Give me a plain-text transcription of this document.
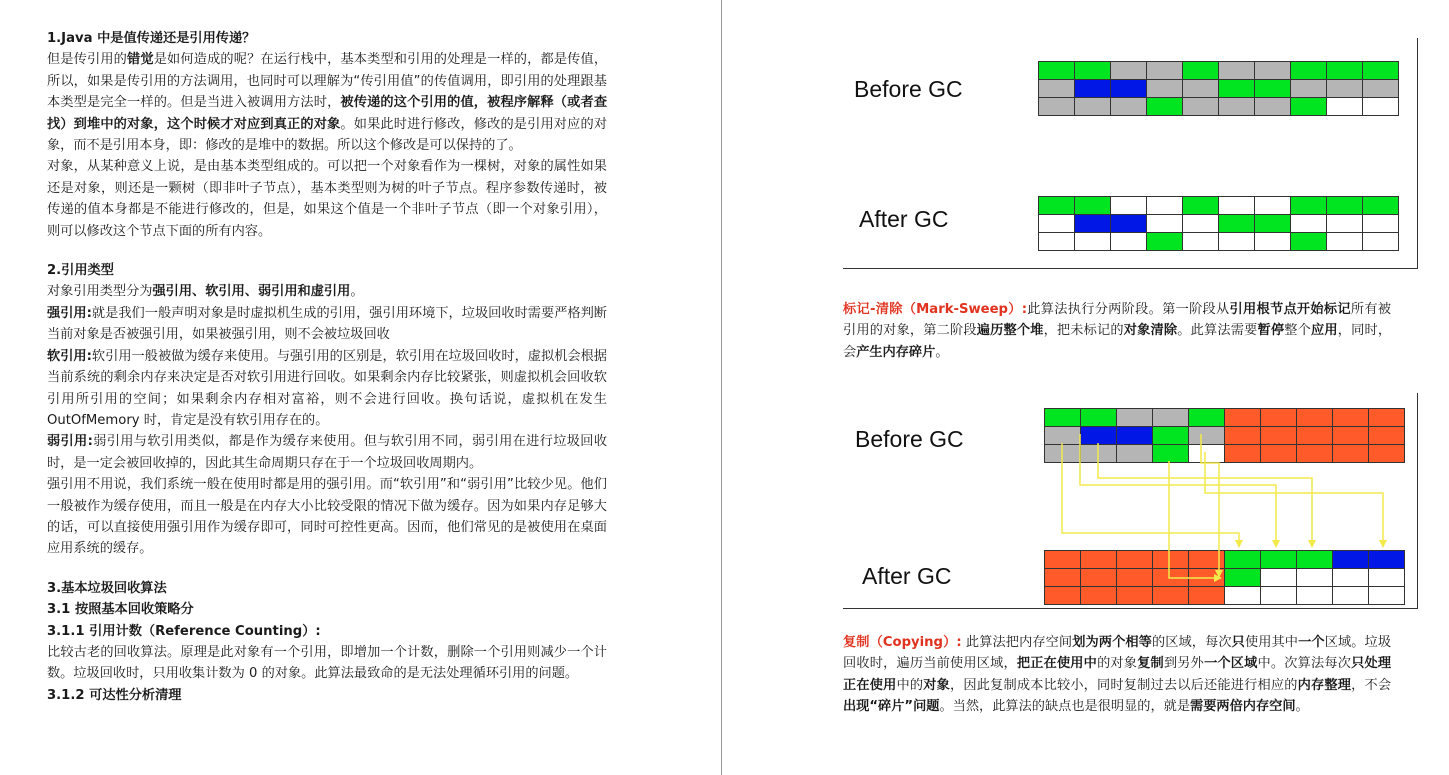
1.Java 中是值传递还是引用传递？

但是传引用的错觉是如何造成的呢？在运行栈中，基本类型和引用的处理是一样的，都是传值，所以，如果是传引用的方法调用，也同时可以理解为“传引用值”的传值调用，即引用的处理跟基本类型是完全一样的。但是当进入被调用方法时，被传递的这个引用的值，被程序解释（或者查找）到堆中的对象，这个时候才对应到真正的对象。如果此时进行修改，修改的是引用对应的对象，而不是引用本身，即：修改的是堆中的数据。所以这个修改是可以保持的了。

对象，从某种意义上说，是由基本类型组成的。可以把一个对象看作为一棵树，对象的属性如果还是对象，则还是一颗树（即非叶子节点），基本类型则为树的叶子节点。程序参数传递时，被传递的值本身都是不能进行修改的，但是，如果这个值是一个非叶子节点（即一个对象引用），则可以修改这个节点下面的所有内容。

2.引用类型

对象引用类型分为强引用、软引用、弱引用和虚引用。

强引用:就是我们一般声明对象是时虚拟机生成的引用，强引用环境下，垃圾回收时需要严格判断当前对象是否被强引用，如果被强引用，则不会被垃圾回收

软引用:软引用一般被做为缓存来使用。与强引用的区别是，软引用在垃圾回收时，虚拟机会根据当前系统的剩余内存来决定是否对软引用进行回收。如果剩余内存比较紧张，则虚拟机会回收软引用所引用的空间；如果剩余内存相对富裕，则不会进行回收。换句话说，虚拟机在发生 OutOfMemory 时，肯定是没有软引用存在的。

弱引用:弱引用与软引用类似，都是作为缓存来使用。但与软引用不同，弱引用在进行垃圾回收时，是一定会被回收掉的，因此其生命周期只存在于一个垃圾回收周期内。

强引用不用说，我们系统一般在使用时都是用的强引用。而“软引用”和“弱引用”比较少见。他们一般被作为缓存使用，而且一般是在内存大小比较受限的情况下做为缓存。因为如果内存足够大的话，可以直接使用强引用作为缓存即可，同时可控性更高。因而，他们常见的是被使用在桌面应用系统的缓存。

3.基本垃圾回收算法

3.1 按照基本回收策略分

3.1.1 引用计数（Reference Counting）:

比较古老的回收算法。原理是此对象有一个引用，即增加一个计数，删除一个引用则减少一个计数。垃圾回收时，只用收集计数为 0 的对象。此算法最致命的是无法处理循环引用的问题。

3.1.2 可达性分析清理

Before GC
After GC

标记-清除（Mark-Sweep）:此算法执行分两阶段。第一阶段从引用根节点开始标记所有被引用的对象，第二阶段遍历整个堆，把未标记的对象清除。此算法需要暂停整个应用，同时，会产生内存碎片。

Before GC
After GC

复制（Copying）: 此算法把内存空间划为两个相等的区域，每次只使用其中一个区域。垃圾回收时，遍历当前使用区域，把正在使用中的对象复制到另外一个区域中。次算法每次只处理正在使用中的对象，因此复制成本比较小，同时复制过去以后还能进行相应的内存整理，不会出现“碎片”问题。当然，此算法的缺点也是很明显的，就是需要两倍内存空间。
